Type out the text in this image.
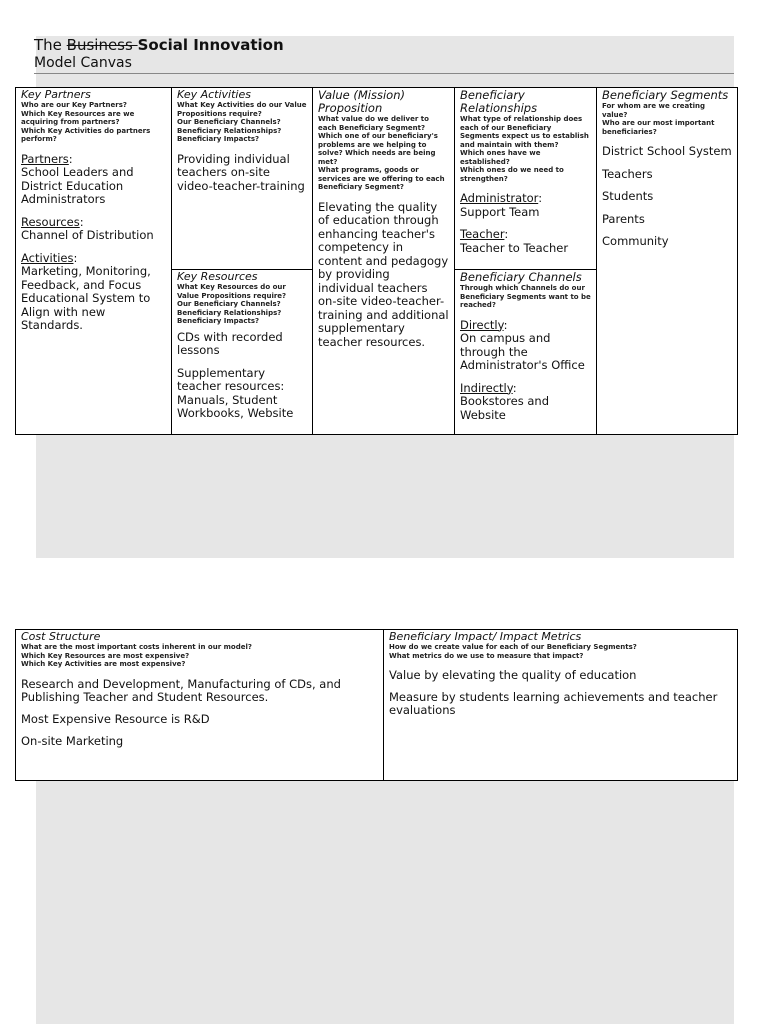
The Business Social Innovation
Model Canvas
Key Partners
Who are our Key Partners?
Which Key Resources are we acquiring from partners?
Which Key Activities do partners perform?
Partners:
School Leaders and District Education Administrators
Resources:
Channel of Distribution
Activities:
Marketing, Monitoring, Feedback, and Focus Educational System to Align with new Standards.
Key Activities
What Key Activities do our Value Propositions require?
Our Beneficiary Channels?
Beneficiary Relationships?
Beneficiary Impacts?
Providing individual teachers on-site video-teacher-training
Key Resources
What Key Resources do our Value Propositions require?
Our Beneficiary Channels?
Beneficiary Relationships?
Beneficiary Impacts?
CDs with recorded lessons
Supplementary teacher resources: Manuals, Student Workbooks, Website
Value (Mission) Proposition
What value do we deliver to each Beneficiary Segment?
Which one of our beneficiary's problems are we helping to solve? Which needs are being met?
What programs, goods or services are we offering to each Beneficiary Segment?
Elevating the quality of education through enhancing teacher's competency in content and pedagogy by providing individual teachers on-site video-teacher-training and additional supplementary teacher resources.
Beneficiary Relationships
What type of relationship does each of our Beneficiary Segments expect us to establish and maintain with them?
Which ones have we established?
Which ones do we need to strengthen?
Administrator:
Support Team
Teacher:
Teacher to Teacher
Beneficiary Channels
Through which Channels do our Beneficiary Segments want to be reached?
Directly:
On campus and through the Administrator's Office
Indirectly:
Bookstores and Website
Beneficiary Segments
For whom are we creating value?
Who are our most important beneficiaries?
District School System
Teachers
Students
Parents
Community
Cost Structure
What are the most important costs inherent in our model?
Which Key Resources are most expensive?
Which Key Activities are most expensive?
Research and Development, Manufacturing of CDs, and Publishing Teacher and Student Resources.
Most Expensive Resource is R&D
On-site Marketing
Beneficiary Impact/ Impact Metrics
How do we create value for each of our Beneficiary Segments?
What metrics do we use to measure that impact?
Value by elevating the quality of education
Measure by students learning achievements and teacher evaluations
